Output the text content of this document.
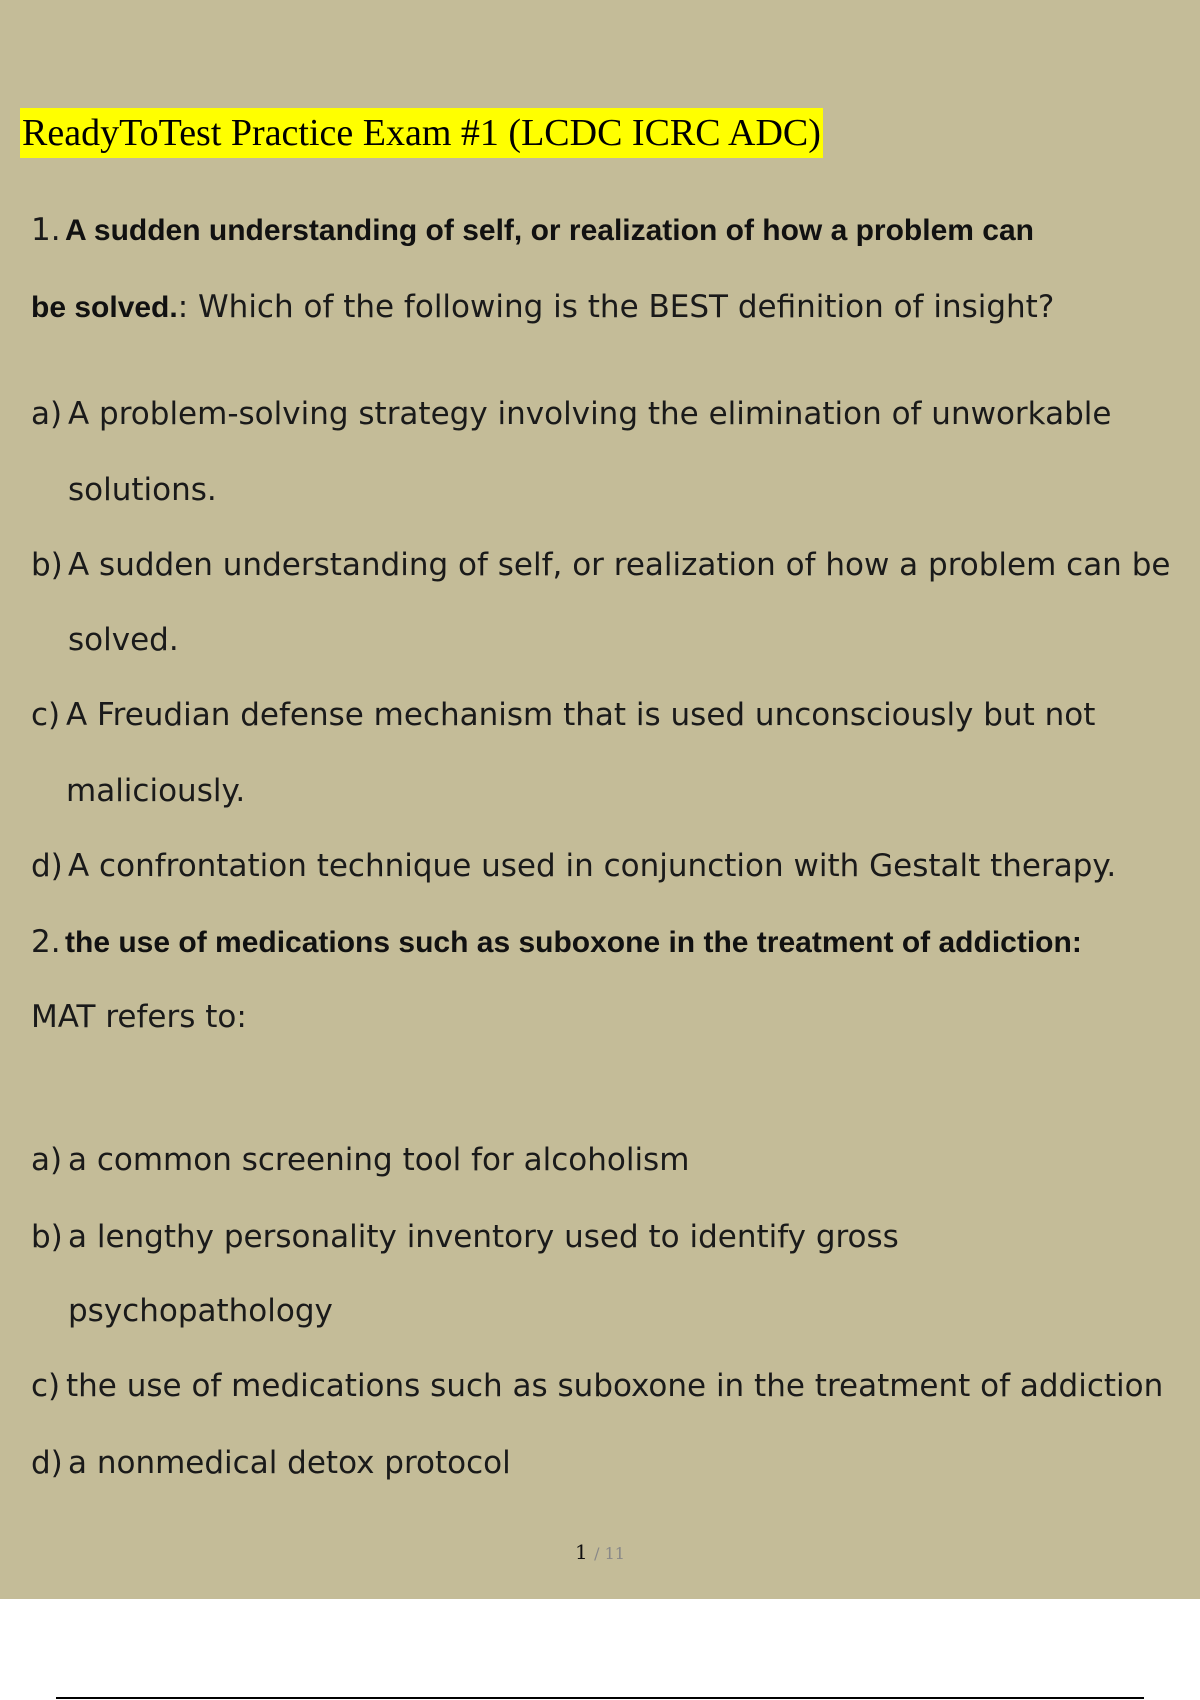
ReadyToTest Practice Exam #1 (LCDC ICRC ADC)
1. A sudden understanding of self, or realization of how a problem can
be solved.: Which of the following is the BEST definition of insight?
a) A problem-solving strategy involving the elimination of unworkable
solutions.
b) A sudden understanding of self, or realization of how a problem can be
solved.
c) A Freudian defense mechanism that is used unconsciously but not
maliciously.
d) A confrontation technique used in conjunction with Gestalt therapy.
2. the use of medications such as suboxone in the treatment of addiction:
MAT refers to:
a) a common screening tool for alcoholism
b) a lengthy personality inventory used to identify gross
psychopathology
c) the use of medications such as suboxone in the treatment of addiction
d) a nonmedical detox protocol
1 / 11
